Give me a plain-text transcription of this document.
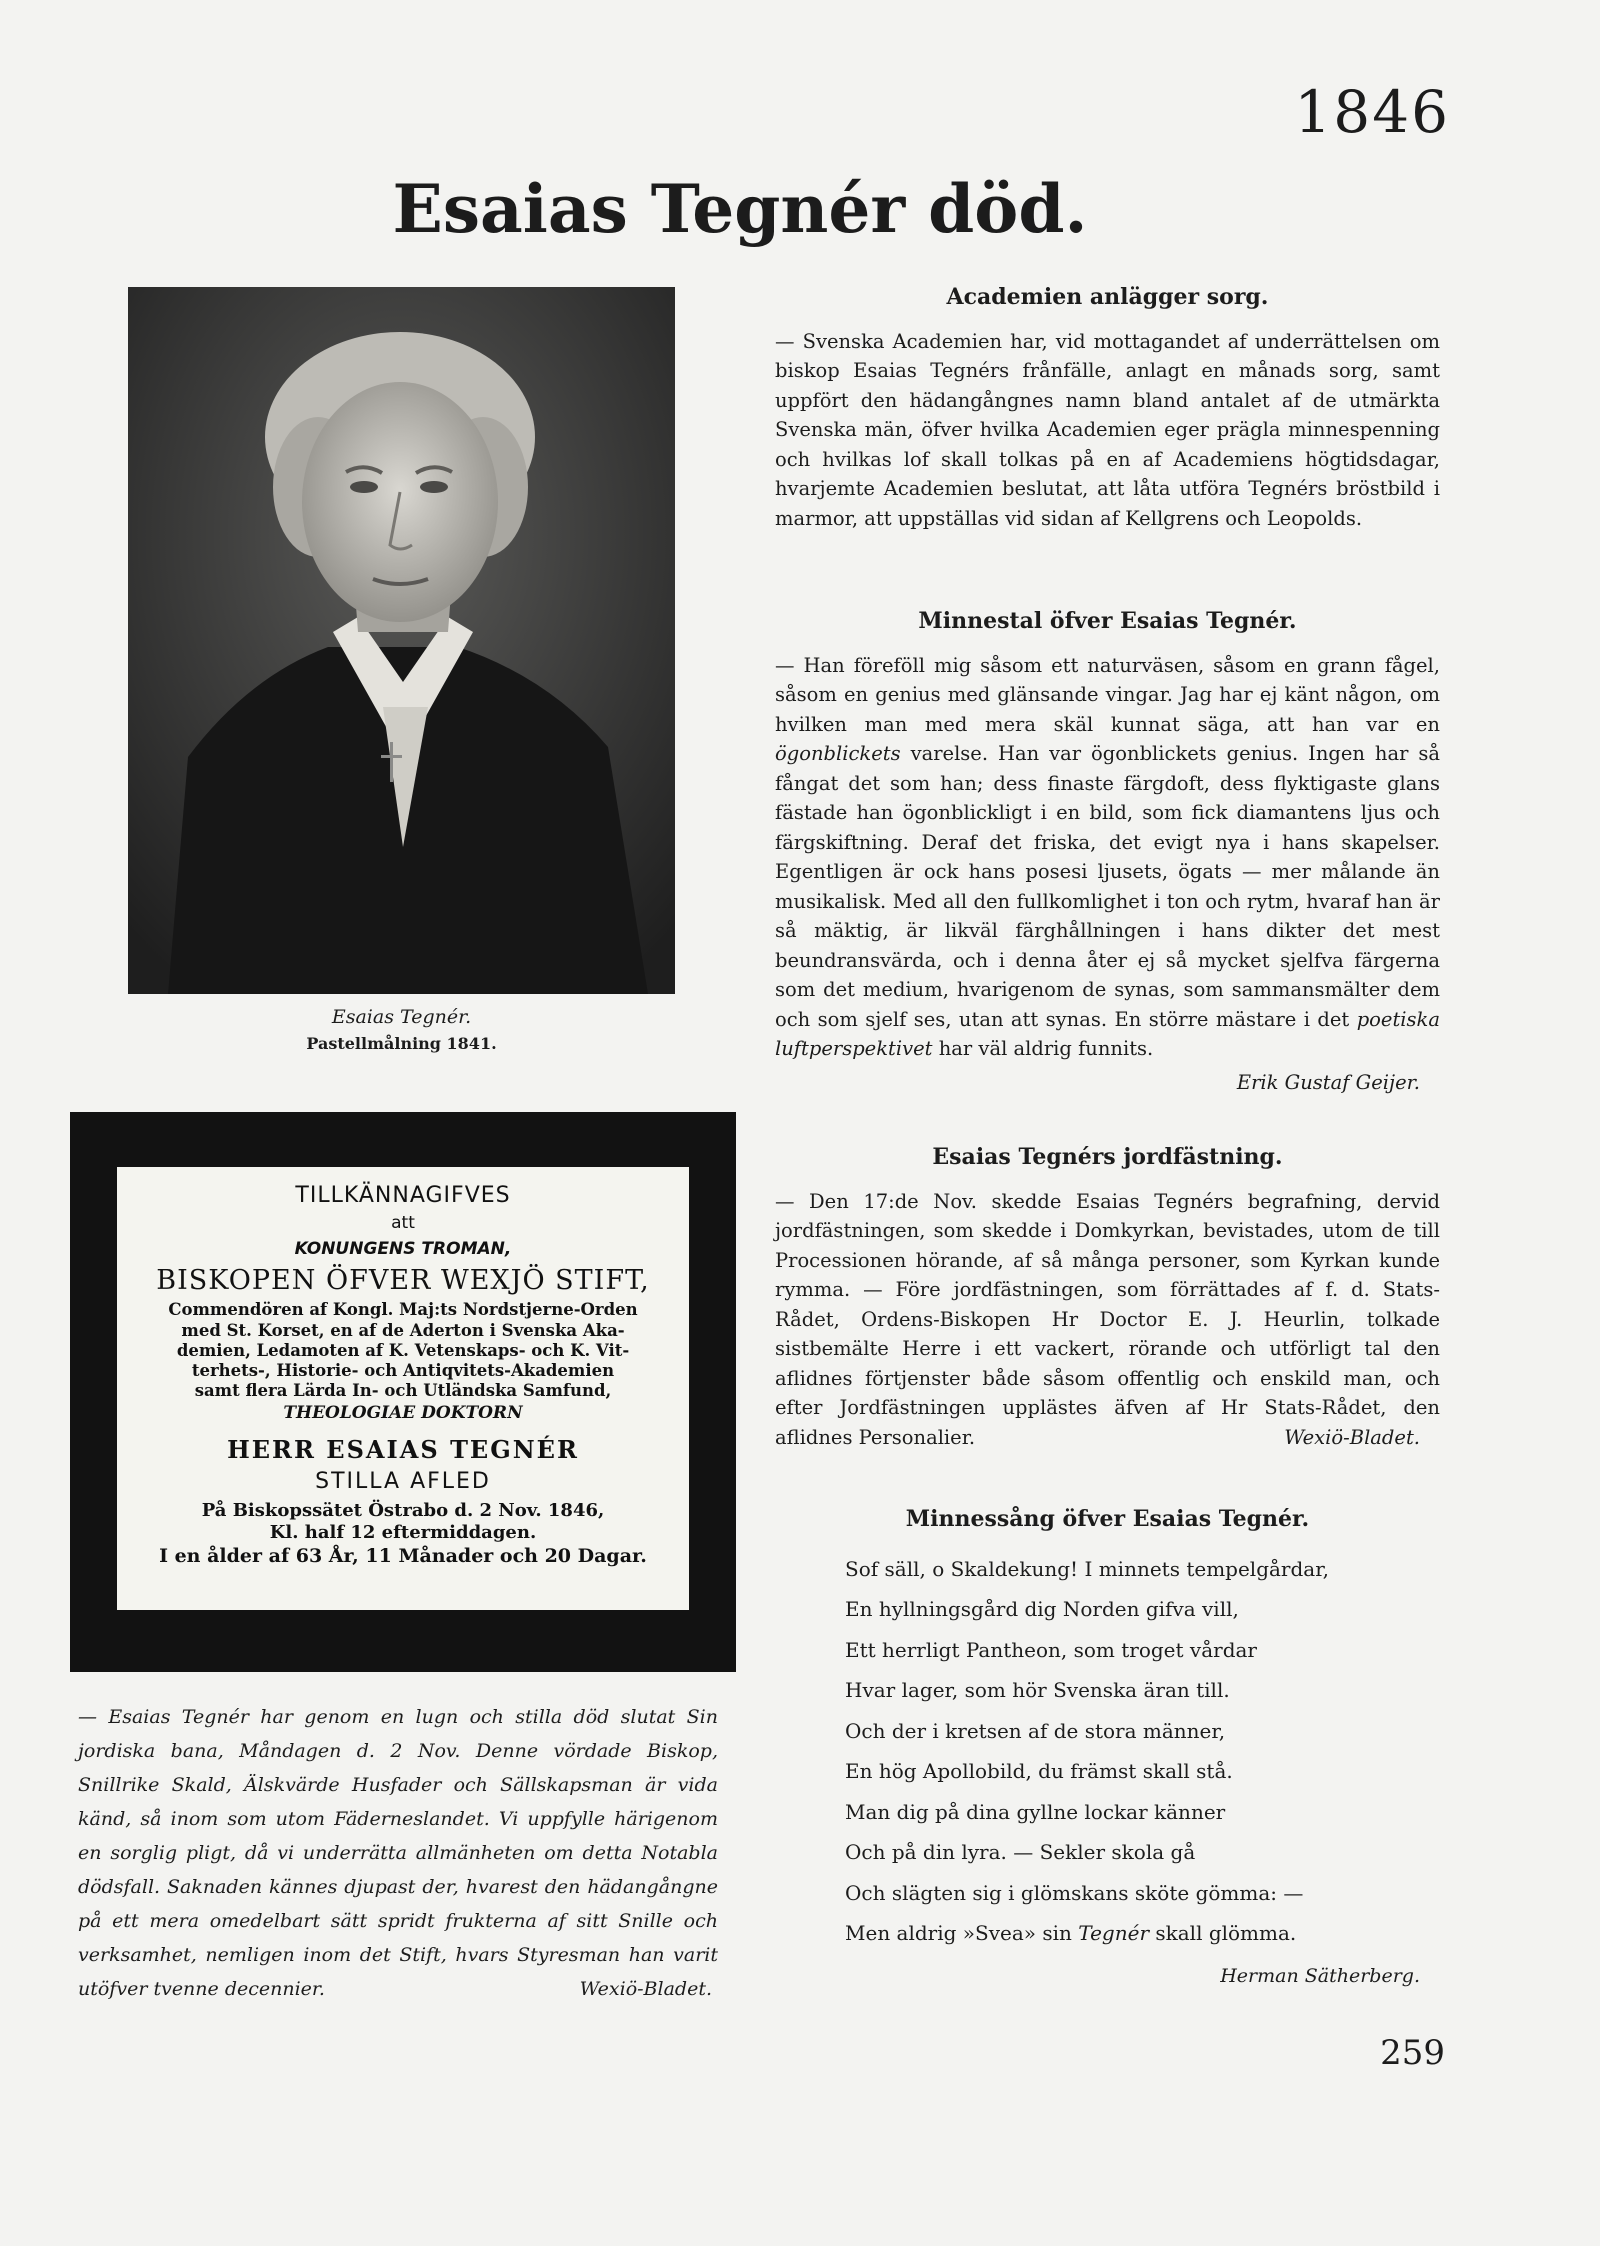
1846
Esaias Tegnér död.
Esaias Tegnér.
Pastellmålning 1841.
TILLKÄNNAGIFVES
att
KONUNGENS TROMAN,
BISKOPEN ÖFVER WEXJÖ STIFT,
Commendören af Kongl. Maj:ts Nordstjerne-Orden
med St. Korset, en af de Aderton i Svenska Aka-
demien, Ledamoten af K. Vetenskaps- och K. Vit-
terhets-, Historie- och Antiqvitets-Akademien
samt flera Lärda In- och Utländska Samfund,
THEOLOGIAE DOKTORN
HERR ESAIAS TEGNÉR
STILLA AFLED
På Biskopssätet Östrabo d. 2 Nov. 1846,
Kl. half 12 eftermiddagen.
I en ålder af 63 År, 11 Månader och 20 Dagar.
— Esaias Tegnér har genom en lugn och stilla död slutat Sin jordiska bana, Måndagen d. 2 Nov. Denne vördade Biskop, Snillrike Skald, Älskvärde Husfader och Sällskapsman är vida känd, så inom som utom Fäderneslandet. Vi uppfylle härigenom en sorglig pligt, då vi underrätta allmänheten om detta Notabla dödsfall. Saknaden kännes djupast der, hvarest den hädangångne på ett mera omedelbart sätt spridt frukterna af sitt Snille och verksamhet, nemligen inom det Stift, hvars Styresman han varit utöfver tvenne decennier.	Wexiö-Bladet.
Academien anlägger sorg.
— Svenska Academien har, vid mottagandet af underrättelsen om biskop Esaias Tegnérs frånfälle, anlagt en månads sorg, samt uppfört den hädangångnes namn bland antalet af de utmärkta Svenska män, öfver hvilka Academien eger prägla minnespenning och hvilkas lof skall tolkas på en af Academiens högtidsdagar, hvarjemte Academien beslutat, att låta utföra Tegnérs bröstbild i marmor, att uppställas vid sidan af Kellgrens och Leopolds.
Minnestal öfver Esaias Tegnér.
— Han föreföll mig såsom ett naturväsen, såsom en grann fågel, såsom en genius med glänsande vingar. Jag har ej känt någon, om hvilken man med mera skäl kunnat säga, att han var en ögonblickets varelse. Han var ögonblickets genius. Ingen har så fångat det som han; dess finaste färgdoft, dess flyktigaste glans fästade han ögonblickligt i en bild, som fick diamantens ljus och färgskiftning. Deraf det friska, det evigt nya i hans skapelser. Egentligen är ock hans posesi ljusets, ögats — mer målande än musikalisk. Med all den fullkomlighet i ton och rytm, hvaraf han är så mäktig, är likväl färghållningen i hans dikter det mest beundransvärda, och i denna åter ej så mycket sjelfva färgerna som det medium, hvarigenom de synas, som sammansmälter dem och som sjelf ses, utan att synas. En större mästare i det poetiska luftperspektivet har väl aldrig funnits.
Erik Gustaf Geijer.
Esaias Tegnérs jordfästning.
— Den 17:de Nov. skedde Esaias Tegnérs begrafning, dervid jordfästningen, som skedde i Domkyrkan, bevistades, utom de till Processionen hörande, af så många personer, som Kyrkan kunde rymma. — Före jordfästningen, som förrättades af f. d. Stats-Rådet, Ordens-Biskopen Hr Doctor E. J. Heurlin, tolkade sistbemälte Herre i ett vackert, rörande och utförligt tal den aflidnes förtjenster både såsom offentlig och enskild man, och efter Jordfästningen upplästes äfven af Hr Stats-Rådet, den aflidnes Personalier.	Wexiö-Bladet.
Minnessång öfver Esaias Tegnér.
Sof säll, o Skaldekung! I minnets tempelgårdar,
En hyllningsgård dig Norden gifva vill,
Ett herrligt Pantheon, som troget vårdar
Hvar lager, som hör Svenska äran till.
Och der i kretsen af de stora männer,
En hög Apollobild, du främst skall stå.
Man dig på dina gyllne lockar känner
Och på din lyra. — Sekler skola gå
Och slägten sig i glömskans sköte gömma: —
Men aldrig »Svea» sin Tegnér skall glömma.
Herman Sätherberg.
259
